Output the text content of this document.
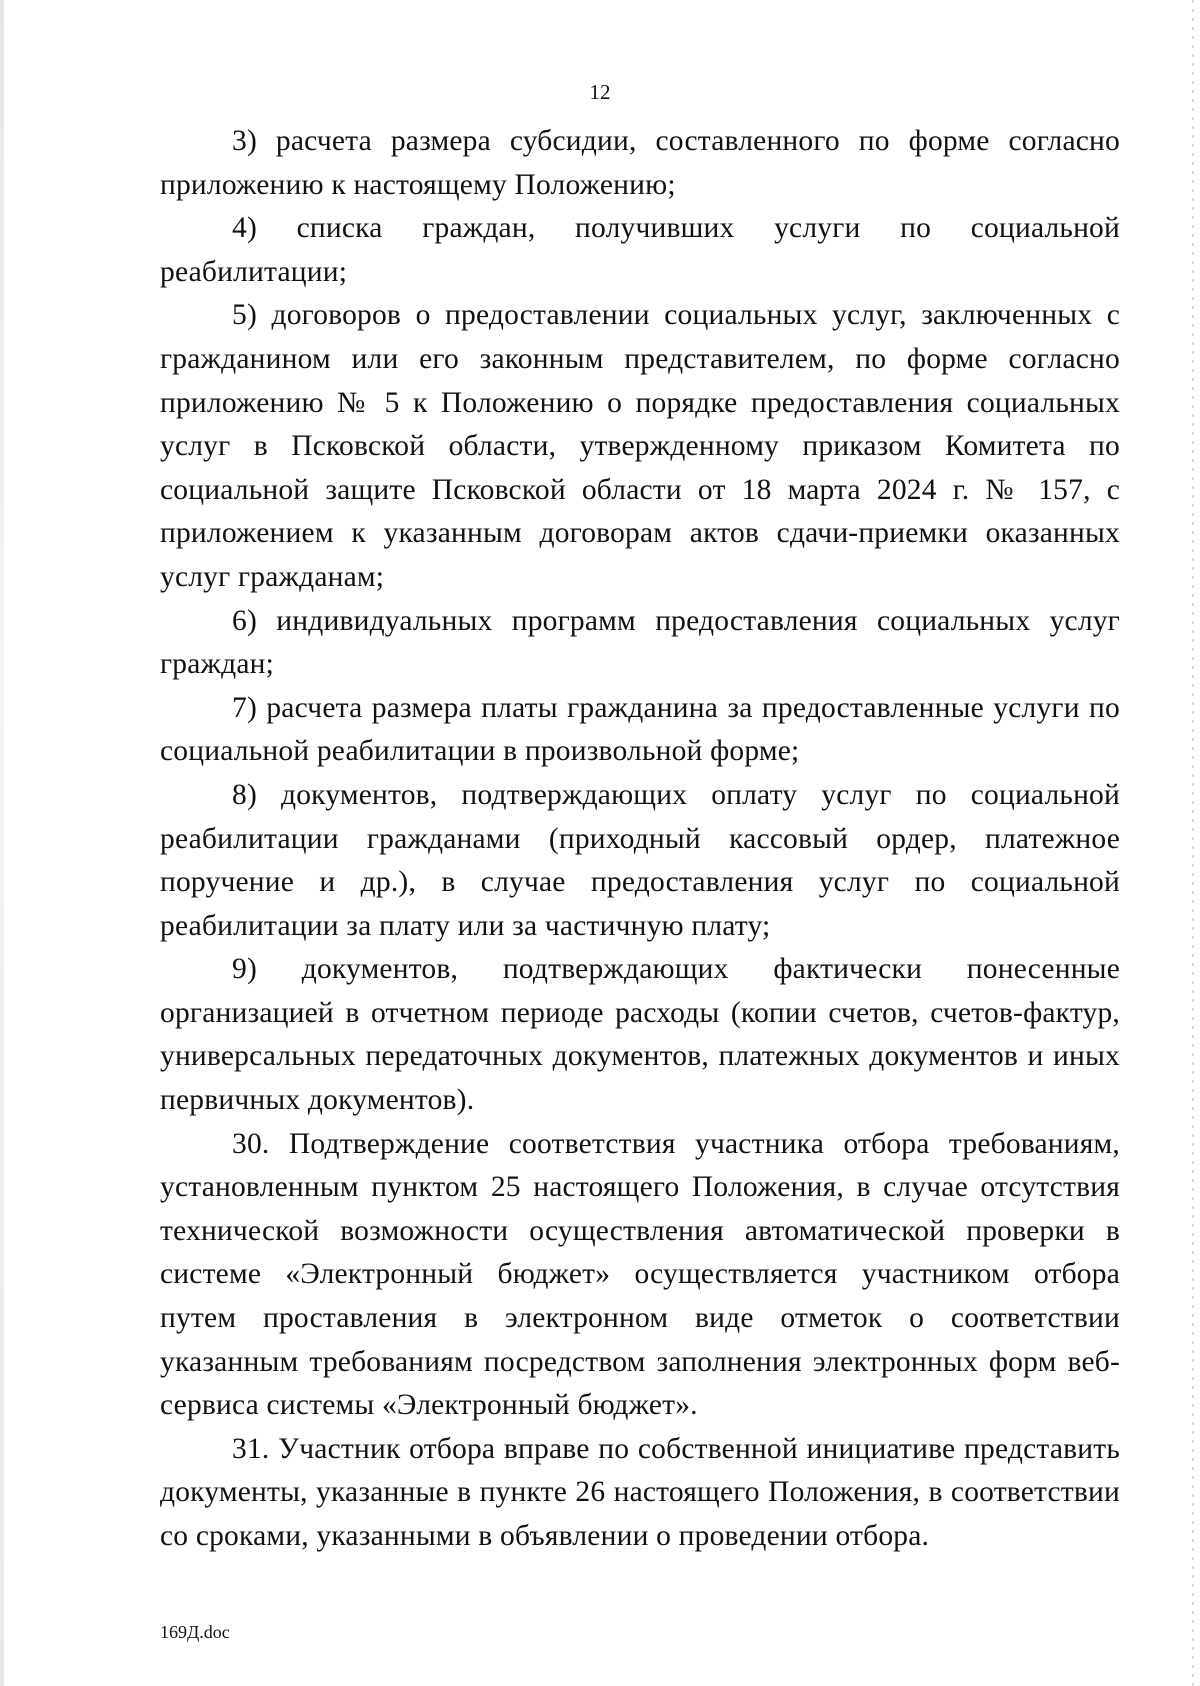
12

3) расчета размера субсидии, составленного по форме согласно приложению к настоящему Положению;

4) списка граждан, получивших услуги по социальной реабилитации;

5) договоров о предоставлении социальных услуг, заключенных с гражданином или его законным представителем, по форме согласно приложению № 5 к Положению о порядке предоставления социальных услуг в Псковской области, утвержденному приказом Комитета по социальной защите Псковской области от 18 марта 2024 г. № 157, с приложением к указанным договорам актов сдачи-приемки оказанных услуг гражданам;

6) индивидуальных программ предоставления социальных услуг граждан;

7) расчета размера платы гражданина за предоставленные услуги по социальной реабилитации в произвольной форме;

8) документов, подтверждающих оплату услуг по социальной реабилитации гражданами (приходный кассовый ордер, платежное поручение и др.), в случае предоставления услуг по социальной реабилитации за плату или за частичную плату;

9) документов, подтверждающих фактически понесенные организацией в отчетном периоде расходы (копии счетов, счетов-фактур, универсальных передаточных документов, платежных документов и иных первичных документов).

30. Подтверждение соответствия участника отбора требованиям, установленным пунктом 25 настоящего Положения, в случае отсутствия технической возможности осуществления автоматической проверки в системе «Электронный бюджет» осуществляется участником отбора путем проставления в электронном виде отметок о соответствии указанным требованиям посредством заполнения электронных форм веб-сервиса системы «Электронный бюджет».

31. Участник отбора вправе по собственной инициативе представить документы, указанные в пункте 26 настоящего Положения, в соответствии со сроками, указанными в объявлении о проведении отбора.

169Д.doc
